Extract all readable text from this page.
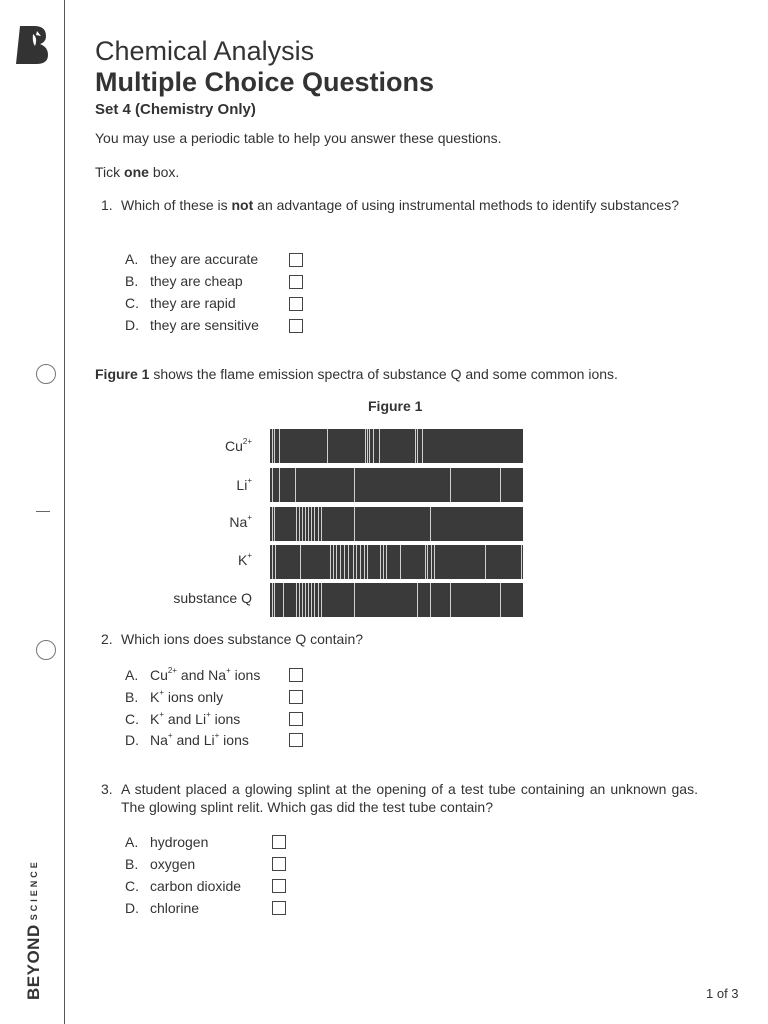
BEYOND
SCIENCE
Chemical Analysis
Multiple Choice Questions
Set 4 (Chemistry Only)
You may use a periodic table to help you answer these questions.
Tick one box.
1. Which of these is not an advantage of using instrumental methods to identify substances?
A. they are accurate
B. they are cheap
C. they are rapid
D. they are sensitive
Figure 1 shows the flame emission spectra of substance Q and some common ions.
Figure 1
$Cu^{2+}$
Li+
Na+
K+
substance Q
2. Which ions does substance Q contain?
A. $Cu^{2+}$ and Na+ ions
B. K+ ions only
C. K+ and Li+ ions
D. Na+ and Li+ ions
3. A student placed a glowing splint at the opening of a test tube containing an unknown gas. The glowing splint relit. Which gas did the test tube contain?
A. hydrogen
B. oxygen
C. carbon dioxide
D. chlorine
1 of 3
